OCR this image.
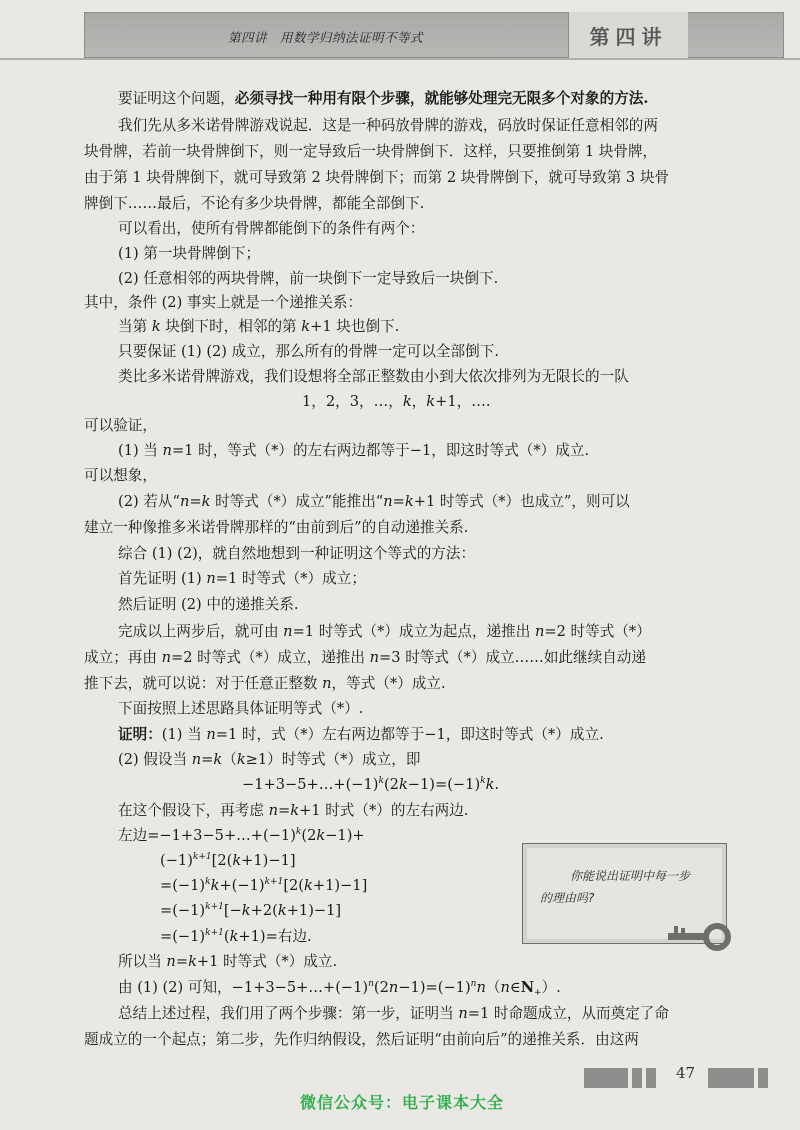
第四讲　用数学归纳法证明不等式	第四讲
要证明这个问题，必须寻找一种用有限个步骤，就能够处理完无限多个对象的方法.
我们先从多米诺骨牌游戏说起．这是一种码放骨牌的游戏，码放时保证任意相邻的两
块骨牌，若前一块骨牌倒下，则一定导致后一块骨牌倒下．这样，只要推倒第 1 块骨牌，
由于第 1 块骨牌倒下，就可导致第 2 块骨牌倒下；而第 2 块骨牌倒下，就可导致第 3 块骨
牌倒下……最后，不论有多少块骨牌，都能全部倒下.
可以看出，使所有骨牌都能倒下的条件有两个：
(1) 第一块骨牌倒下；
(2) 任意相邻的两块骨牌，前一块倒下一定导致后一块倒下.
其中，条件 (2) 事实上就是一个递推关系：
当第 k 块倒下时，相邻的第 k+1 块也倒下.
只要保证 (1) (2) 成立，那么所有的骨牌一定可以全部倒下.
类比多米诺骨牌游戏，我们设想将全部正整数由小到大依次排列为无限长的一队
1，2，3，…，k，k+1，….
可以验证，
(1) 当 n=1 时，等式（*）的左右两边都等于−1，即这时等式（*）成立.
可以想象，
(2) 若从“n=k 时等式（*）成立”能推出“n=k+1 时等式（*）也成立”，则可以
建立一种像推多米诺骨牌那样的“由前到后”的自动递推关系.
综合 (1) (2)，就自然地想到一种证明这个等式的方法：
首先证明 (1) n=1 时等式（*）成立；
然后证明 (2) 中的递推关系.
完成以上两步后，就可由 n=1 时等式（*）成立为起点，递推出 n=2 时等式（*）
成立；再由 n=2 时等式（*）成立，递推出 n=3 时等式（*）成立……如此继续自动递
推下去，就可以说：对于任意正整数 n，等式（*）成立.
下面按照上述思路具体证明等式（*）.
证明：(1) 当 n=1 时，式（*）左右两边都等于−1，即这时等式（*）成立.
(2) 假设当 n=k（k≥1）时等式（*）成立，即
$-1+3-5+\dots+(-1)^k(2k-1)=(-1)^kk$.
在这个假设下，再考虑 n=k+1 时式（*）的左右两边.
左边$=-1+3-5+\dots+(-1)^k(2k-1)+$
$(-1)^{k+1}[2(k+1)-1]$
$=(-1)^kk+(-1)^{k+1}[2(k+1)-1]$
$=(-1)^{k+1}[-k+2(k+1)-1]$
$=(-1)^{k+1}(k+1)=$右边.
所以当 n=k+1 时等式（*）成立.
由 (1) (2) 可知，$-1+3-5+\dots+(-1)^n(2n-1)=(-1)^nn(n\in N_+)$.
总结上述过程，我们用了两个步骤：第一步，证明当 n=1 时命题成立，从而奠定了命
题成立的一个起点；第二步，先作归纳假设，然后证明“由前向后”的递推关系．由这两
你能说出证明中每一步
的理由吗?
47
微信公众号：电子课本大全
